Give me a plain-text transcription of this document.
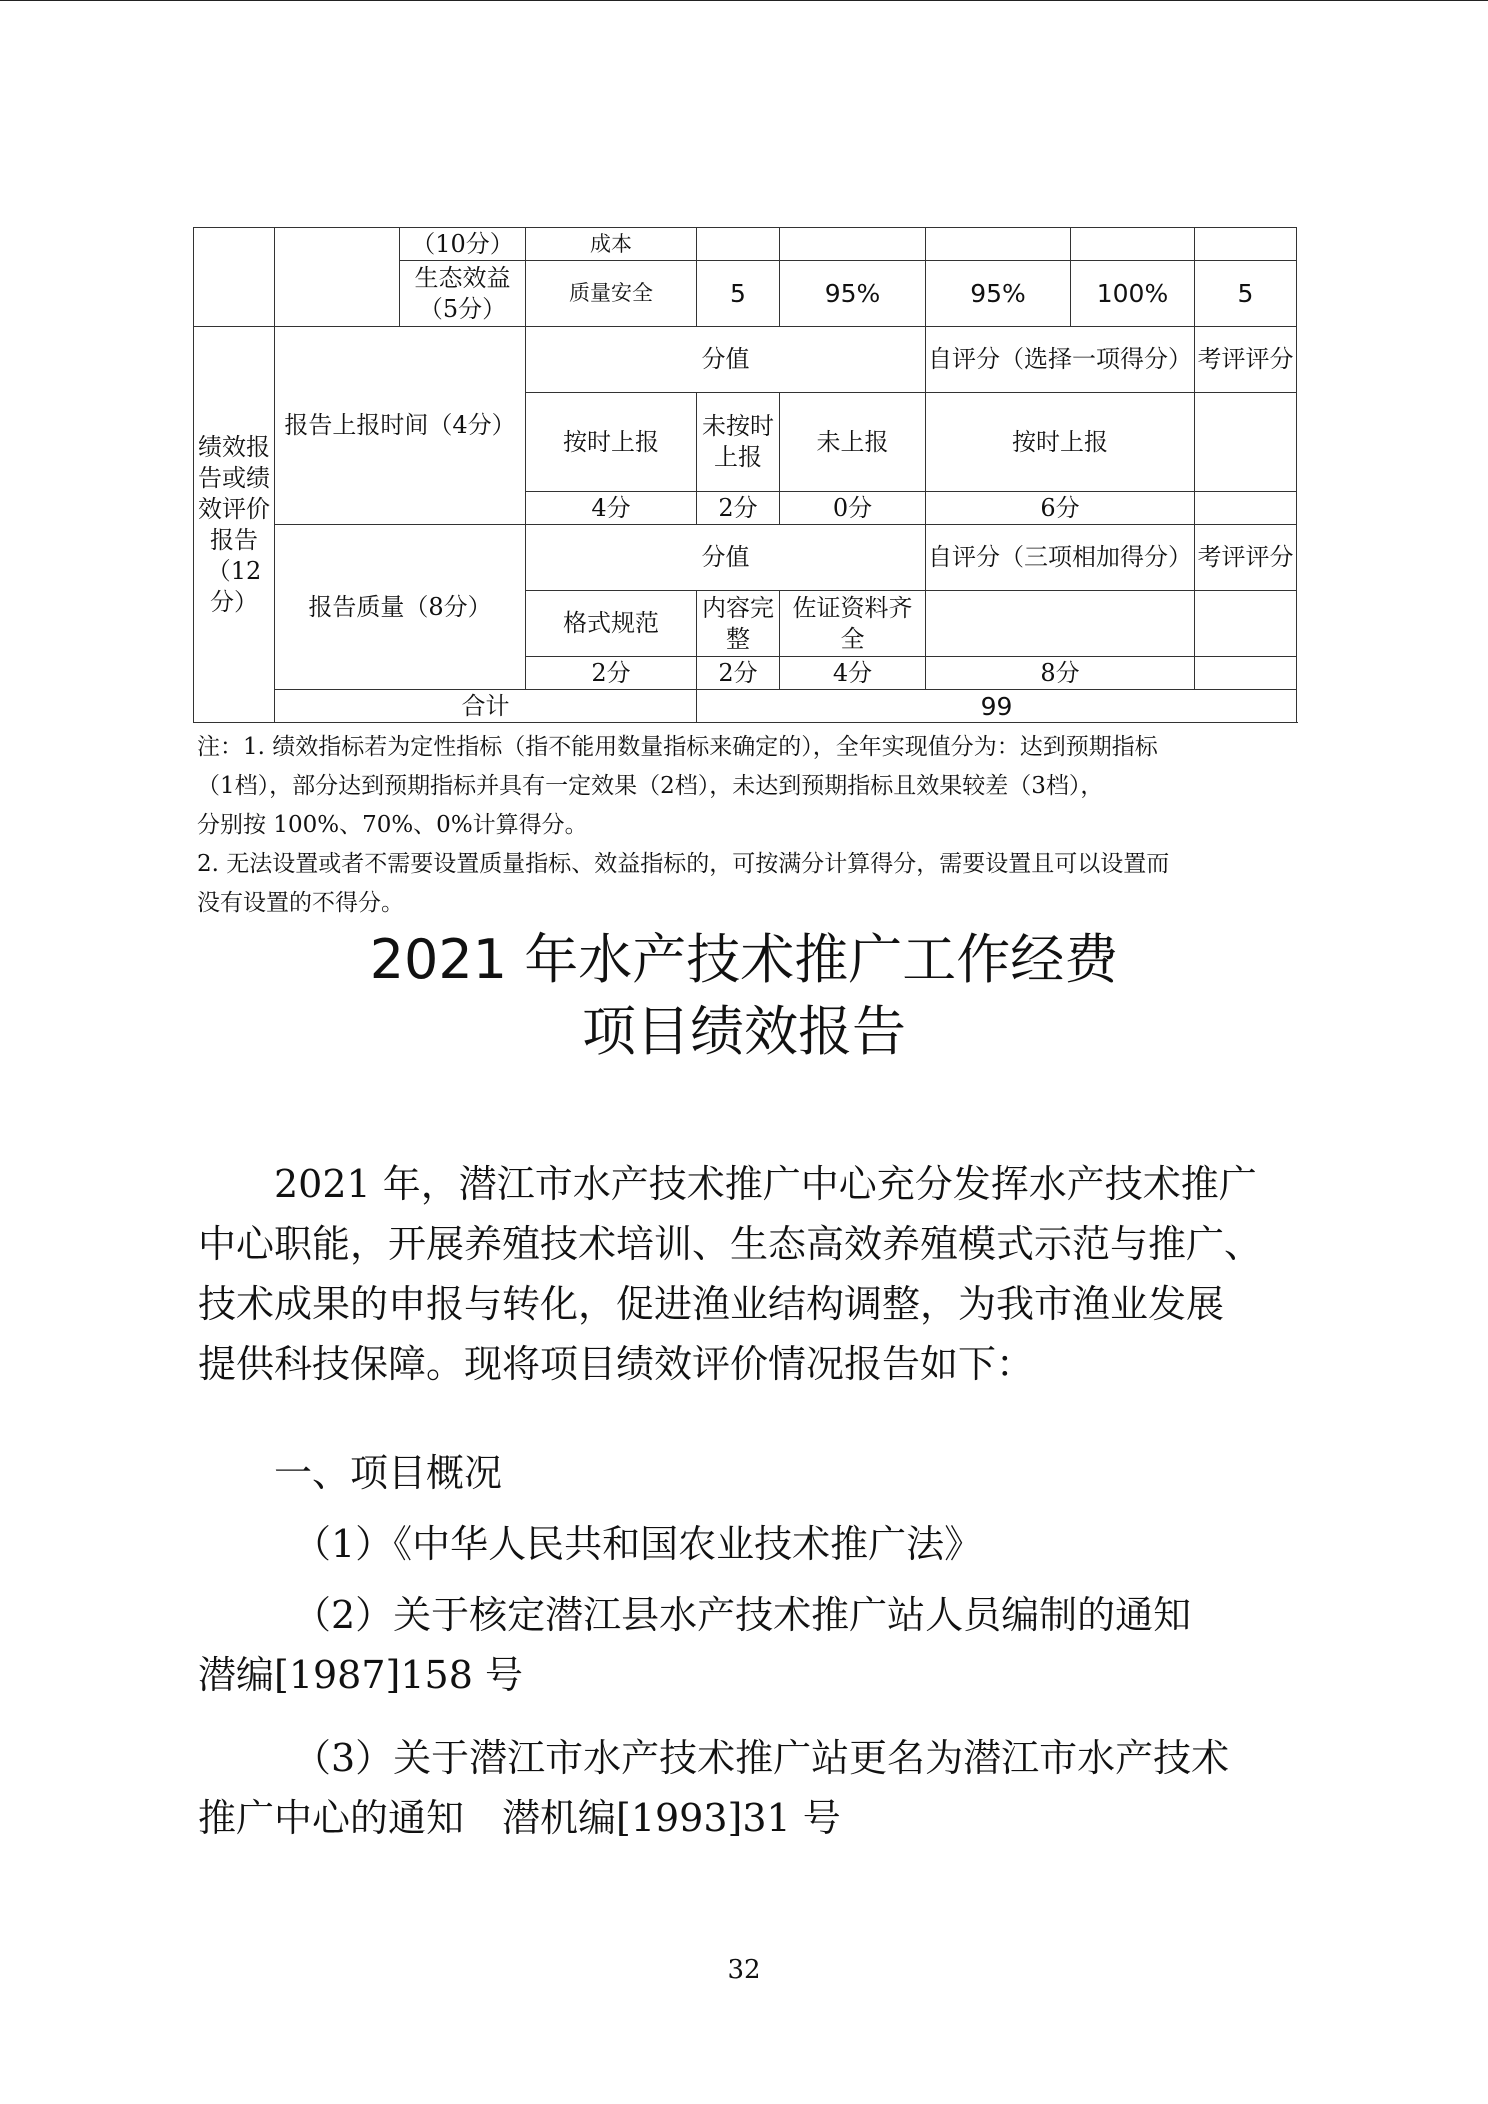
		（10分）	成本					
		生态效益（5分）	质量安全	5	95%	95%	100%	5
绩效报告或绩效评价报告（12分）	报告上报时间（4分）		分值			自评分（选择一项得分）		考评评分
			按时上报	未按时上报	未上报	按时上报		
			4分	2分	0分	6分		
	报告质量（8分）		分值			自评分（三项相加得分）		考评评分
			格式规范	内容完整	佐证资料齐全			
			2分	2分	4分	8分		
	合计			99				

注：1. 绩效指标若为定性指标（指不能用数量指标来确定的），全年实现值分为：达到预期指标

（1档），部分达到预期指标并具有一定效果（2档），未达到预期指标且效果较差（3档），

分别按 100%、70%、0%计算得分。

2. 无法设置或者不需要设置质量指标、效益指标的，可按满分计算得分，需要设置且可以设置而

没有设置的不得分。

2021 年水产技术推广工作经费
项目绩效报告

　　2021 年，潜江市水产技术推广中心充分发挥水产技术推广

中心职能，开展养殖技术培训、生态高效养殖模式示范与推广、

技术成果的申报与转化，促进渔业结构调整，为我市渔业发展

提供科技保障。现将项目绩效评价情况报告如下：

　　一、项目概况

　　　（1）《中华人民共和国农业技术推广法》

　　　（2）关于核定潜江县水产技术推广站人员编制的通知

潜编[1987]158 号

　　　（3）关于潜江市水产技术推广站更名为潜江市水产技术

推广中心的通知　潜机编[1993]31 号

32
